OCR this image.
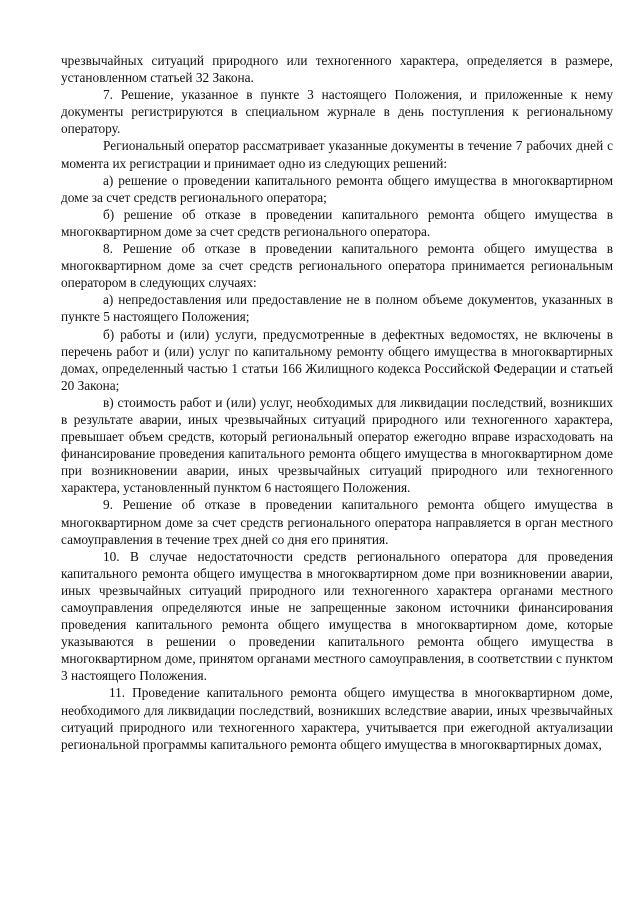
чрезвычайных ситуаций природного или техногенного характера, определяется в размере, установленном статьей 32 Закона.

7. Решение, указанное в пункте 3 настоящего Положения, и приложенные к нему документы регистрируются в специальном журнале в день поступления к региональному оператору.

Региональный оператор рассматривает указанные документы в течение 7 рабочих дней с момента их регистрации и принимает одно из следующих решений:

а) решение о проведении капитального ремонта общего имущества в многоквартирном доме за счет средств регионального оператора;

б) решение об отказе в проведении капитального ремонта общего имущества в многоквартирном доме за счет средств регионального оператора.

8. Решение об отказе в проведении капитального ремонта общего имущества в многоквартирном доме за счет средств регионального оператора принимается региональным оператором в следующих случаях:

а) непредоставления или предоставление не в полном объеме документов, указанных в пункте 5 настоящего Положения;

б) работы и (или) услуги, предусмотренные в дефектных ведомостях, не включены в перечень работ и (или) услуг по капитальному ремонту общего имущества в многоквартирных домах, определенный частью 1 статьи 166 Жилищного кодекса Российской Федерации и статьей 20 Закона;

в) стоимость работ и (или) услуг, необходимых для ликвидации последствий, возникших в результате аварии, иных чрезвычайных ситуаций природного или техногенного характера, превышает объем средств, который региональный оператор ежегодно вправе израсходовать на финансирование проведения капитального ремонта общего имущества в многоквартирном доме при возникновении аварии, иных чрезвычайных ситуаций природного или техногенного характера, установленный пунктом 6 настоящего Положения.

9. Решение об отказе в проведении капитального ремонта общего имущества в многоквартирном доме за счет средств регионального оператора направляется в орган местного самоуправления в течение трех дней со дня его принятия.

10. В случае недостаточности средств регионального оператора для проведения капитального ремонта общего имущества в многоквартирном доме при возникновении аварии, иных чрезвычайных ситуаций природного или техногенного характера органами местного самоуправления определяются иные не запрещенные законом источники финансирования проведения капитального ремонта общего имущества в многоквартирном доме, которые указываются в решении о проведении капитального ремонта общего имущества в многоквартирном доме, принятом органами местного самоуправления, в соответствии с пунктом 3 настоящего Положения.

11. Проведение капитального ремонта общего имущества в многоквартирном доме, необходимого для ликвидации последствий, возникших вследствие аварии, иных чрезвычайных ситуаций природного или техногенного характера, учитывается при ежегодной актуализации региональной программы капитального ремонта общего имущества в многоквартирных домах,
